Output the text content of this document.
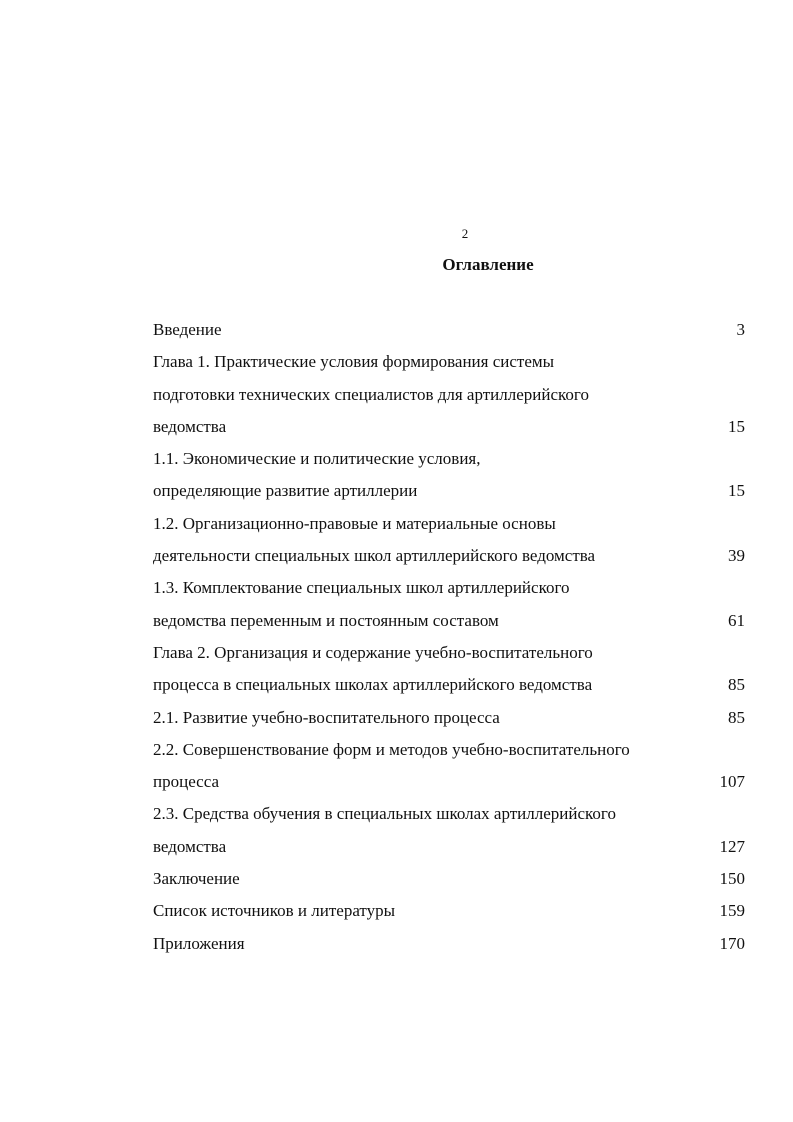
2
Оглавление
Введение	3
Глава 1. Практические условия формирования системы
подготовки технических специалистов для артиллерийского
ведомства	15
1.1. Экономические и политические условия,
определяющие развитие артиллерии	15
1.2. Организационно-правовые и материальные основы
деятельности специальных школ артиллерийского ведомства	39
1.3. Комплектование специальных школ артиллерийского
ведомства переменным и постоянным составом	61
Глава 2. Организация и содержание учебно-воспитательного
процесса в специальных школах артиллерийского ведомства	85
2.1. Развитие учебно-воспитательного процесса	85
2.2. Совершенствование форм и методов учебно-воспитательного
процесса	107
2.3. Средства обучения в специальных школах артиллерийского
ведомства	127
Заключение	150
Список источников и литературы	159
Приложения	170
